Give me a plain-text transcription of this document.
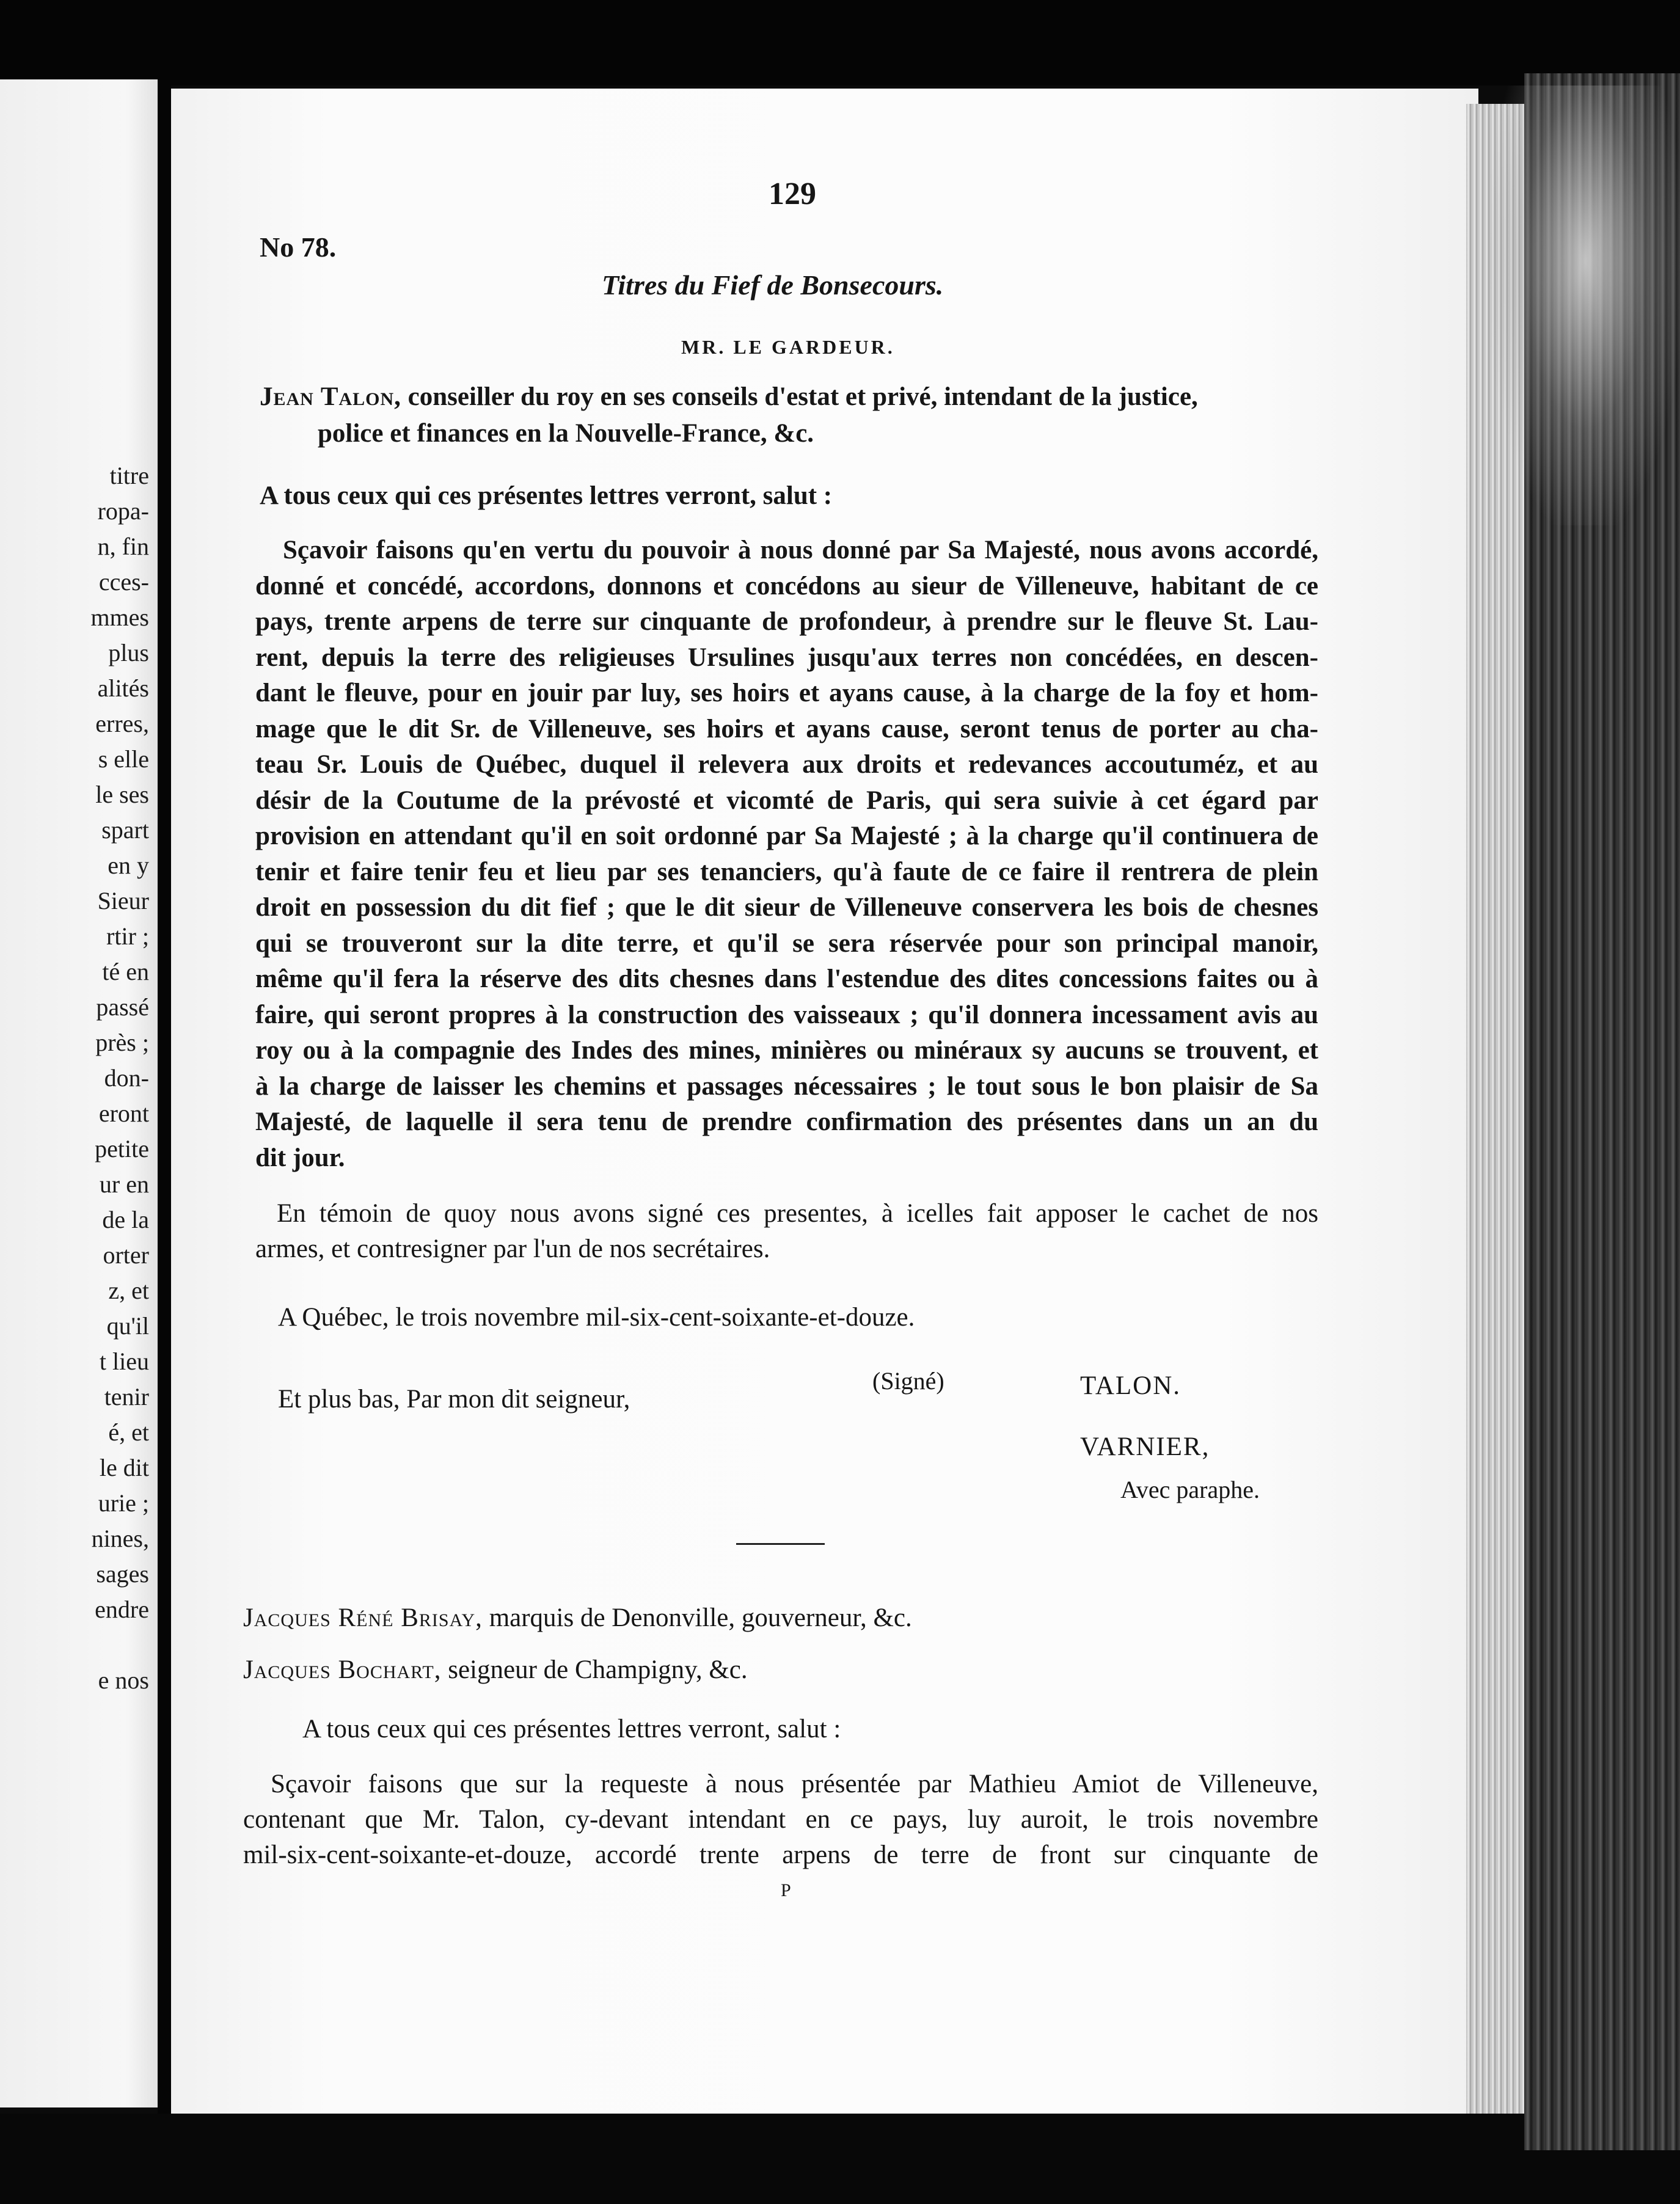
titre
ropa-
n, fin
cces-
mmes
plus
alités
erres,
s elle
le ses
spart
en y
Sieur
rtir ;
té en
passé
près ;
don-
eront
petite
ur en
de la
orter
z, et
qu'il
t lieu
tenir
é, et
le dit
urie ;
nines,
sages
endre
e nos
129
No 78.
Titres du Fief de Bonsecours.
MR. LE GARDEUR.
Jean Talon, conseiller du roy en ses conseils d'estat et privé, intendant de la justice,
police et finances en la Nouvelle-France, &c.
A tous ceux qui ces présentes lettres verront, salut :
Sçavoir faisons qu'en vertu du pouvoir à nous donné par Sa Majesté, nous avons accordé,
donné et concédé, accordons, donnons et concédons au sieur de Villeneuve, habitant de ce
pays, trente arpens de terre sur cinquante de profondeur, à prendre sur le fleuve St. Lau-
rent, depuis la terre des religieuses Ursulines jusqu'aux terres non concédées, en descen-
dant le fleuve, pour en jouir par luy, ses hoirs et ayans cause, à la charge de la foy et hom-
mage que le dit Sr. de Villeneuve, ses hoirs et ayans cause, seront tenus de porter au cha-
teau Sr. Louis de Québec, duquel il relevera aux droits et redevances accoutuméz, et au
désir de la Coutume de la prévosté et vicomté de Paris, qui sera suivie à cet égard par
provision en attendant qu'il en soit ordonné par Sa Majesté ; à la charge qu'il continuera de
tenir et faire tenir feu et lieu par ses tenanciers, qu'à faute de ce faire il rentrera de plein
droit en possession du dit fief ; que le dit sieur de Villeneuve conservera les bois de chesnes
qui se trouveront sur la dite terre, et qu'il se sera réservée pour son principal manoir,
même qu'il fera la réserve des dits chesnes dans l'estendue des dites concessions faites ou à
faire, qui seront propres à la construction des vaisseaux ; qu'il donnera incessament avis au
roy ou à la compagnie des Indes des mines, minières ou minéraux sy aucuns se trouvent, et
à la charge de laisser les chemins et passages nécessaires ; le tout sous le bon plaisir de Sa
Majesté, de laquelle il sera tenu de prendre confirmation des présentes dans un an du
dit jour.
En témoin de quoy nous avons signé ces presentes, à icelles fait apposer le cachet de nos
armes, et contresigner par l'un de nos secrétaires.
A Québec, le trois novembre mil-six-cent-soixante-et-douze.
(Signé)	TALON.
Et plus bas, Par mon dit seigneur,
VARNIER,
Avec paraphe.
Jacques Réné Brisay, marquis de Denonville, gouverneur, &c.
Jacques Bochart, seigneur de Champigny, &c.
A tous ceux qui ces présentes lettres verront, salut :
Sçavoir faisons que sur la requeste à nous présentée par Mathieu Amiot de Villeneuve,
contenant que Mr. Talon, cy-devant intendant en ce pays, luy auroit, le trois novembre
mil-six-cent-soixante-et-douze, accordé trente arpens de terre de front sur cinquante de
P
